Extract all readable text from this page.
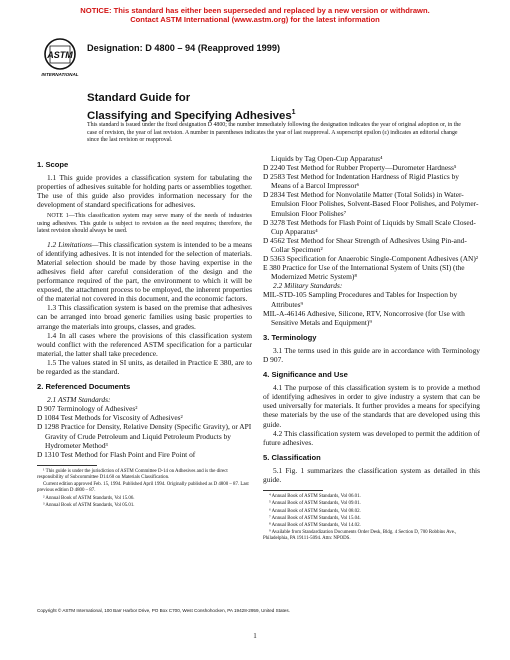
NOTICE: This standard has either been superseded and replaced by a new version or withdrawn.
Contact ASTM International (www.astm.org) for the latest information
ASTM
INTERNATIONAL
Designation: D 4800 – 94 (Reapproved 1999)
Standard Guide for
Classifying and Specifying Adhesives$^1$
This standard is issued under the fixed designation D 4800; the number immediately following the designation indicates the year of original adoption or, in the case of revision, the year of last revision. A number in parentheses indicates the year of last reapproval. A superscript epsilon (ε) indicates an editorial change since the last revision or reapproval.

1. Scope

1.1 This guide provides a classification system for tabulating the properties of adhesives suitable for holding parts or assemblies together. The use of this guide also provides information necessary for the development of standard specifications for adhesives.

NOTE 1—This classification system may serve many of the needs of industries using adhesives. This guide is subject to revision as the need requires; therefore, the latest revision should always be used.

1.2 Limitations—This classification system is intended to be a means of identifying adhesives. It is not intended for the selection of materials. Material selection should be made by those having expertise in the adhesives field after careful consideration of the design and the performance required of the part, the environment to which it will be exposed, the attachment process to be employed, the inherent properties of the material not covered in this document, and the economic factors.

1.3 This classification system is based on the premise that adhesives can be arranged into broad generic families using basic properties to arrange the materials into groups, classes, and grades.

1.4 In all cases where the provisions of this classification system would conflict with the referenced ASTM specification for a particular material, the latter shall take precedence.

1.5 The values stated in SI units, as detailed in Practice E 380, are to be regarded as the standard.

2. Referenced Documents

2.1 ASTM Standards:

D 907 Terminology of Adhesives²

D 1084 Test Methods for Viscosity of Adhesives²

D 1298 Practice for Density, Relative Density (Specific Gravity), or API Gravity of Crude Petroleum and Liquid Petroleum Products by Hydrometer Method³

D 1310 Test Method for Flash Point and Fire Point of

¹ This guide is under the jurisdiction of ASTM Committee D-14 on Adhesives and is the direct responsibility of Subcommittee D14.60 on Materials Classification.

Current edition approved Feb. 15, 1994. Published April 1994. Originally published as D 4800 – 87. Last previous edition D 4800 – 87.

² Annual Book of ASTM Standards, Vol 15.06.

³ Annual Book of ASTM Standards, Vol 05.01.

Liquids by Tag Open-Cup Apparatus⁴

D 2240 Test Method for Rubber Property—Durometer Hardness⁵

D 2583 Test Method for Indentation Hardness of Rigid Plastics by Means of a Barcol Impressor⁶

D 2834 Test Method for Nonvolatile Matter (Total Solids) in Water-Emulsion Floor Polishes, Solvent-Based Floor Polishes, and Polymer-Emulsion Floor Polishes⁷

D 3278 Test Methods for Flash Point of Liquids by Small Scale Closed-Cup Apparatus⁴

D 4562 Test Method for Shear Strength of Adhesives Using Pin-and-Collar Specimen²

D 5363 Specification for Anaerobic Single-Component Adhesives (AN)²

E 380 Practice for Use of the International System of Units (SI) (the Modernized Metric System)⁸

2.2 Military Standards:

MIL-STD-105 Sampling Procedures and Tables for Inspection by Attributes⁹

MIL-A-46146 Adhesive, Silicone, RTV, Noncorrosive (for Use with Sensitive Metals and Equipment)⁹

3. Terminology

3.1 The terms used in this guide are in accordance with Terminology D 907.

4. Significance and Use

4.1 The purpose of this classification system is to provide a method of identifying adhesives in order to give industry a system that can be used universally for materials. It further provides a means for specifying these materials by the use of the standards that are developed using this guide.

4.2 This classification system was developed to permit the addition of future adhesives.

5. Classification

5.1 Fig. 1 summarizes the classification system as detailed in this guide.

⁴ Annual Book of ASTM Standards, Vol 06.01.

⁵ Annual Book of ASTM Standards, Vol 09.01.

⁶ Annual Book of ASTM Standards, Vol 08.02.

⁷ Annual Book of ASTM Standards, Vol 15.04.

⁸ Annual Book of ASTM Standards, Vol 14.02.

⁹ Available from Standardization Documents Order Desk, Bldg. 4 Section D, 700 Robbins Ave., Philadelphia, PA 19111-5094. Attn: NPODS.

Copyright © ASTM International, 100 Barr Harbor Drive, PO Box C700, West Conshohocken, PA 19428-2959, United States.
1
